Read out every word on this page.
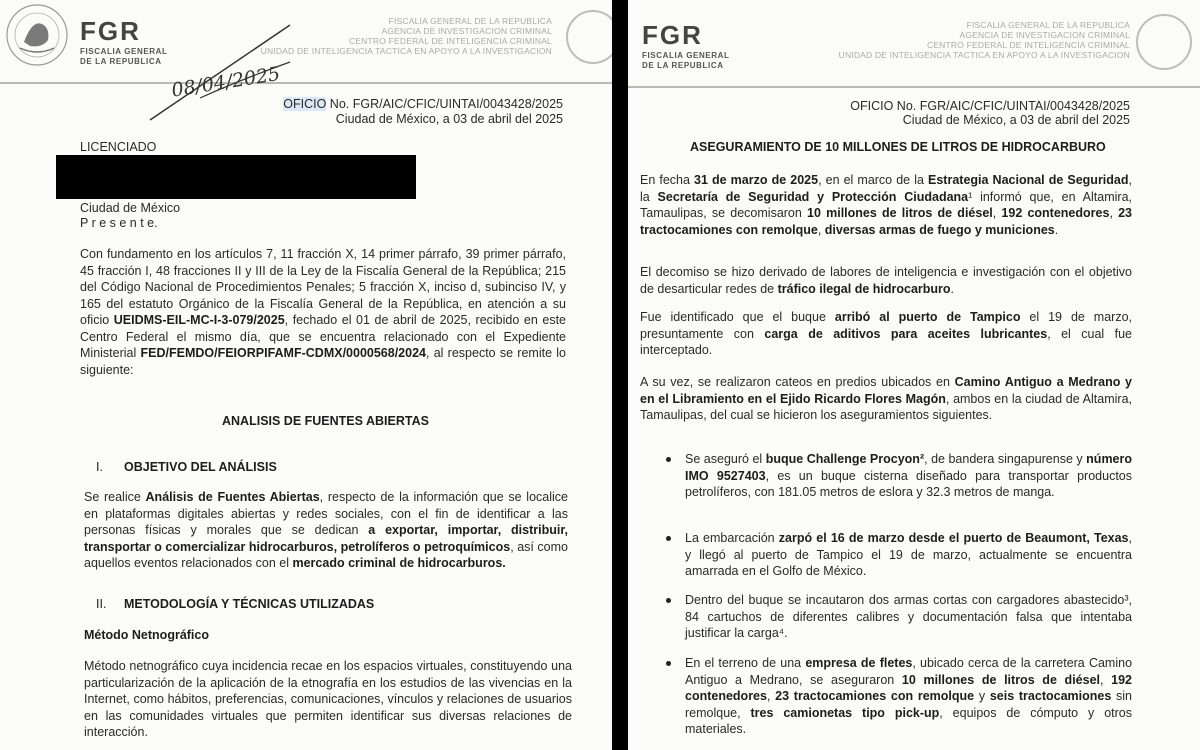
FGR
FISCALIA GENERAL
DE LA REPUBLICA
FISCALIA GENERAL DE LA REPUBLICA
AGENCIA DE INVESTIGACION CRIMINAL
CENTRO FEDERAL DE INTELIGENCIA CRIMINAL
UNIDAD DE INTELIGENCIA TACTICA EN APOYO A LA INVESTIGACION
08/04/2025
OFICIO No. FGR/AIC/CFIC/UINTAI/0043428/2025
Ciudad de México, a 03 de abril del 2025
LICENCIADO
Ciudad de México
P r e s e n t e.

Con fundamento en los artículos 7, 11 fracción X, 14 primer párrafo, 39 primer párrafo, 45 fracción I, 48 fracciones II y III de la Ley de la Fiscalía General de la República; 215 del Código Nacional de Procedimientos Penales; 5 fracción X, inciso d, subinciso IV, y 165 del estatuto Orgánico de la Fiscalía General de la República, en atención a su oficio UEIDMS-EIL-MC-I-3-079/2025, fechado el 01 de abril de 2025, recibido en este Centro Federal el mismo día, que se encuentra relacionado con el Expediente Ministerial FED/FEMDO/FEIORPIFAMF-CDMX/0000568/2024, al respecto se remite lo siguiente:

ANALISIS DE FUENTES ABIERTAS
I. OBJETIVO DEL ANÁLISIS

Se realice Análisis de Fuentes Abiertas, respecto de la información que se localice en plataformas digitales abiertas y redes sociales, con el fin de identificar a las personas físicas y morales que se dedican a exportar, importar, distribuir, transportar o comercializar hidrocarburos, petrolíferos o petroquímicos, así como aquellos eventos relacionados con el mercado criminal de hidrocarburos.

II. METODOLOGÍA Y TÉCNICAS UTILIZADAS
Método Netnográfico

Método netnográfico cuya incidencia recae en los espacios virtuales, constituyendo una particularización de la aplicación de la etnografía en los estudios de las vivencias en la Internet, como hábitos, preferencias, comunicaciones, vínculos y relaciones de usuarios en las comunidades virtuales que permiten identificar sus diversas relaciones de interacción.

FGR
FISCALIA GENERAL
DE LA REPUBLICA
FISCALIA GENERAL DE LA REPUBLICA
AGENCIA DE INVESTIGACION CRIMINAL
CENTRO FEDERAL DE INTELIGENCIA CRIMINAL
UNIDAD DE INTELIGENCIA TACTICA EN APOYO A LA INVESTIGACION
OFICIO No. FGR/AIC/CFIC/UINTAI/0043428/2025
Ciudad de México, a 03 de abril del 2025
ASEGURAMIENTO DE 10 MILLONES DE LITROS DE HIDROCARBURO

En fecha 31 de marzo de 2025, en el marco de la Estrategia Nacional de Seguridad, la Secretaría de Seguridad y Protección Ciudadana¹ informó que, en Altamira, Tamaulipas, se decomisaron 10 millones de litros de diésel, 192 contenedores, 23 tractocamiones con remolque, diversas armas de fuego y municiones.

El decomiso se hizo derivado de labores de inteligencia e investigación con el objetivo de desarticular redes de tráfico ilegal de hidrocarburo.

Fue identificado que el buque arribó al puerto de Tampico el 19 de marzo, presuntamente con carga de aditivos para aceites lubricantes, el cual fue interceptado.

A su vez, se realizaron cateos en predios ubicados en Camino Antiguo a Medrano y en el Libramiento en el Ejido Ricardo Flores Magón, ambos en la ciudad de Altamira, Tamaulipas, del cual se hicieron los aseguramientos siguientes.

Se aseguró el buque Challenge Procyon², de bandera singapurense y número IMO 9527403, es un buque cisterna diseñado para transportar productos petrolíferos, con 181.05 metros de eslora y 32.3 metros de manga.

La embarcación zarpó el 16 de marzo desde el puerto de Beaumont, Texas, y llegó al puerto de Tampico el 19 de marzo, actualmente se encuentra amarrada en el Golfo de México.

Dentro del buque se incautaron dos armas cortas con cargadores abastecido³, 84 cartuchos de diferentes calibres y documentación falsa que intentaba justificar la carga⁴.

En el terreno de una empresa de fletes, ubicado cerca de la carretera Camino Antiguo a Medrano, se aseguraron 10 millones de litros de diésel, 192 contenedores, 23 tractocamiones con remolque y seis tractocamiones sin remolque, tres camionetas tipo pick-up, equipos de cómputo y otros materiales.
